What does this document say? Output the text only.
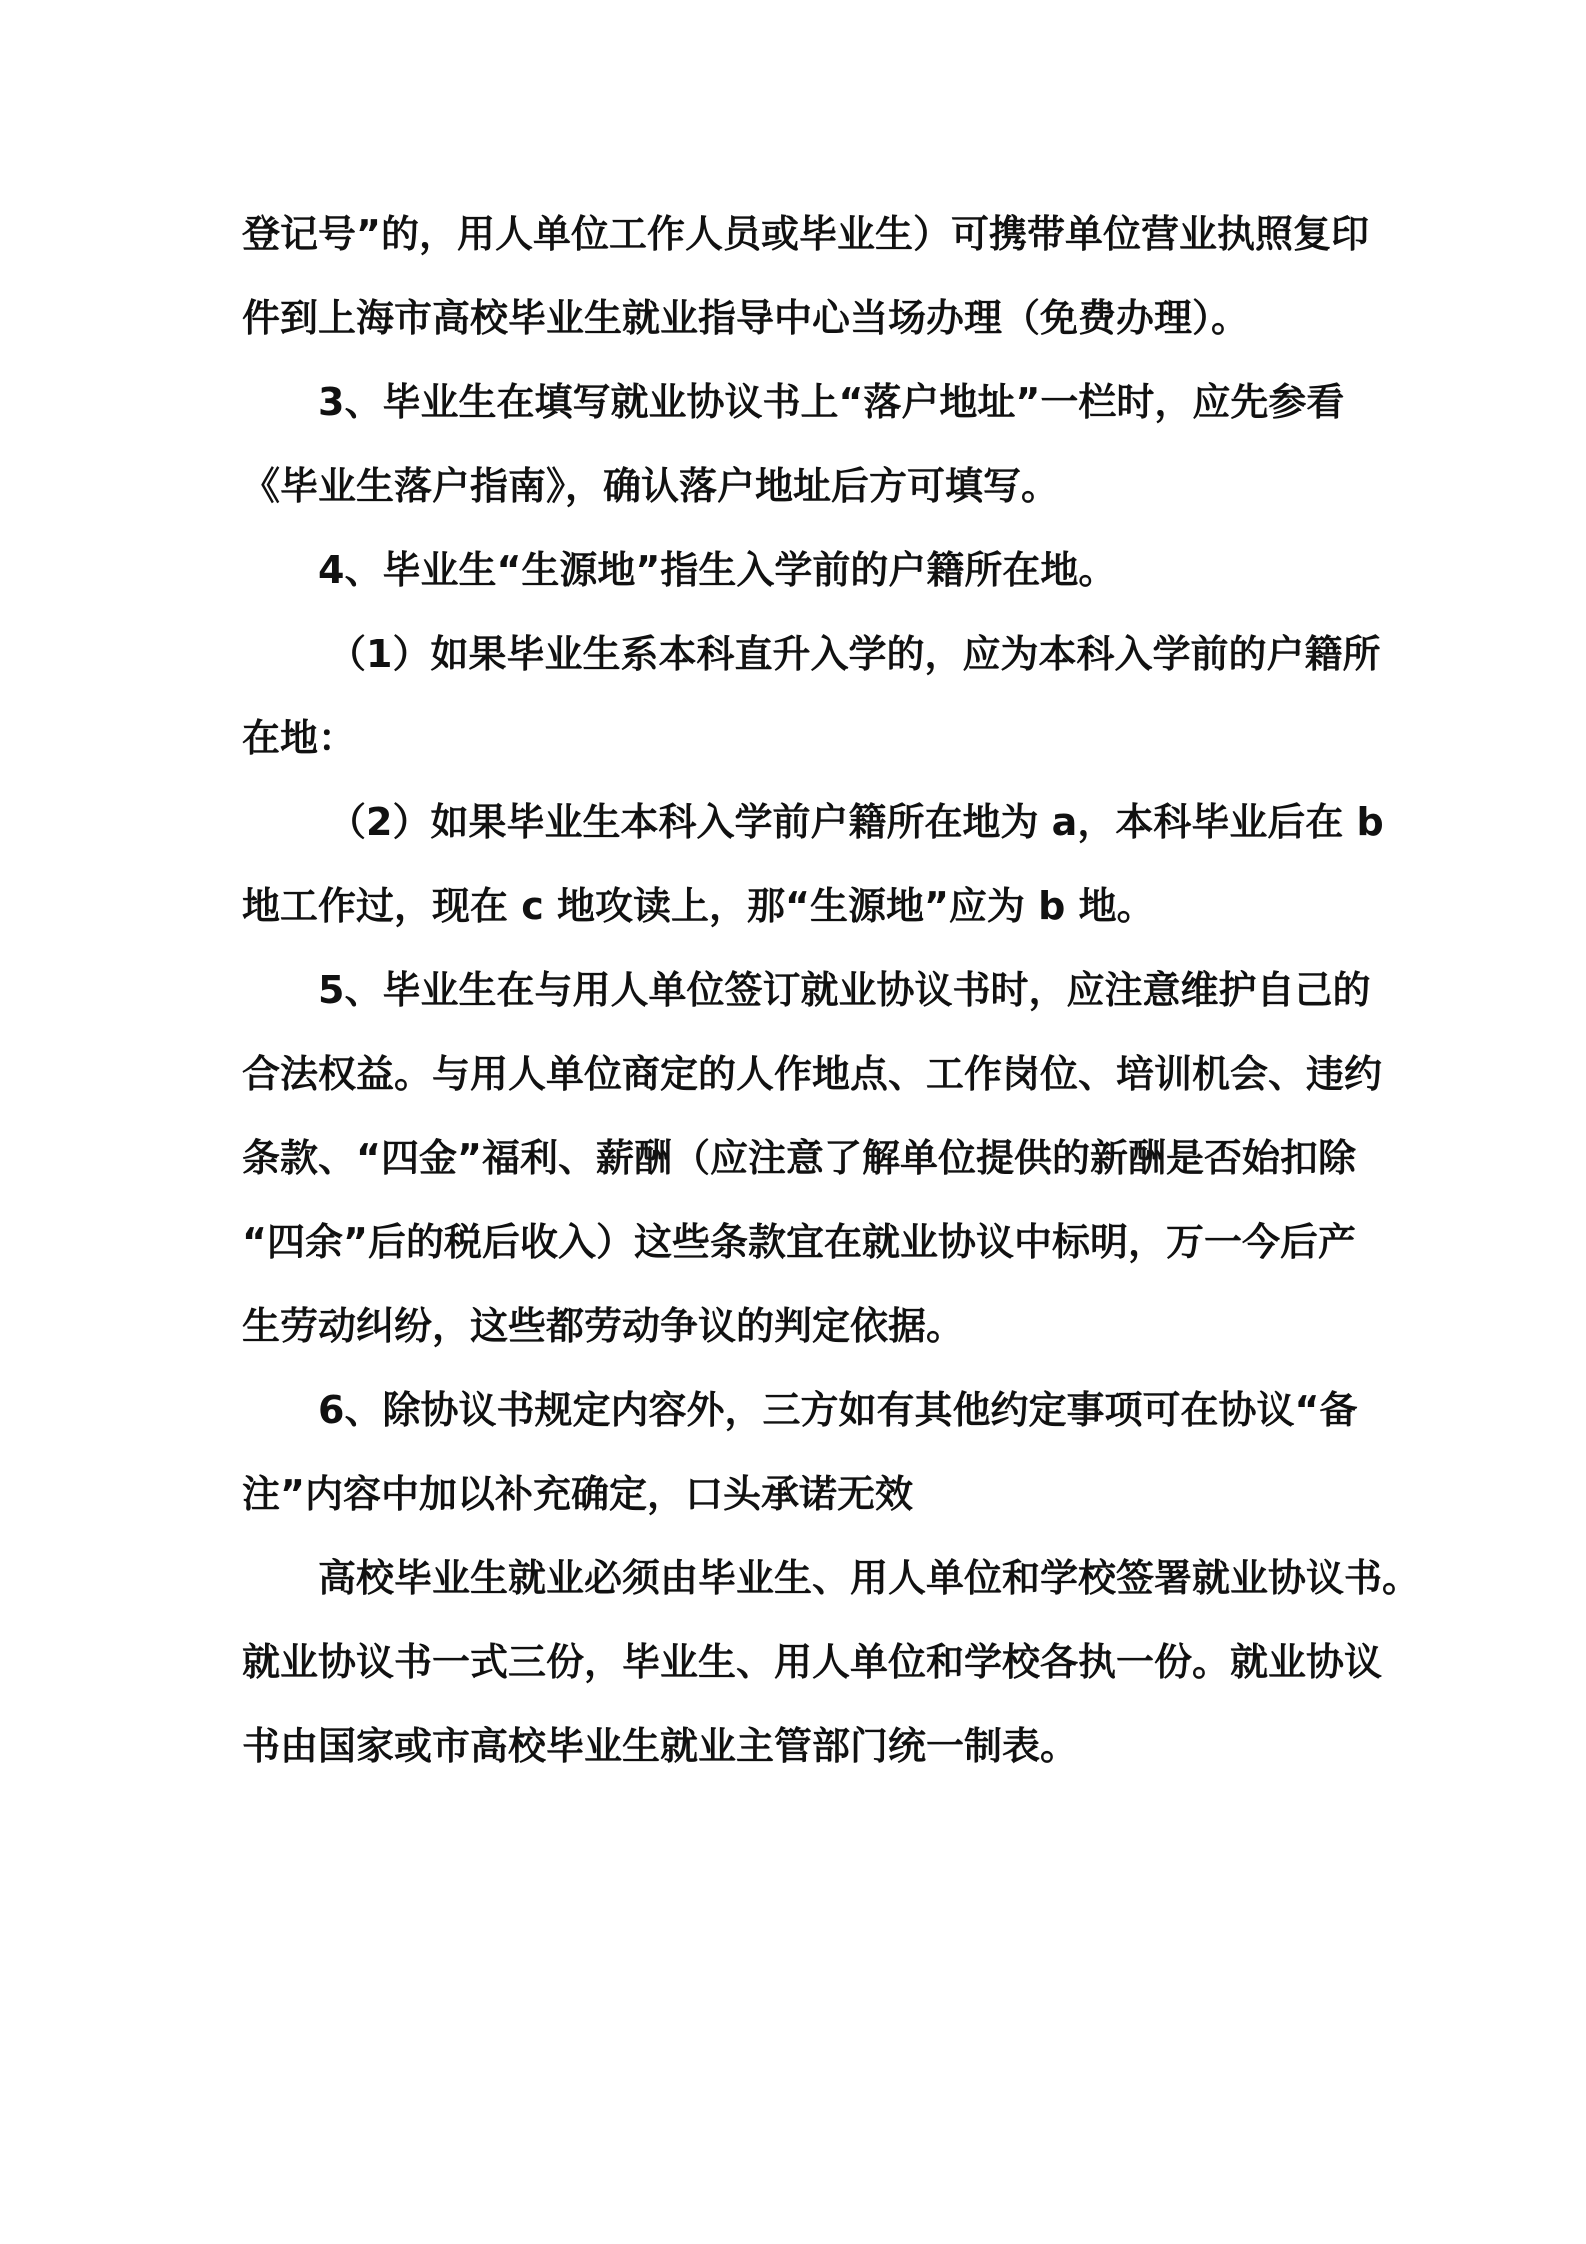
登记号”的，用人单位工作人员或毕业生）可携带单位营业执照复印
件到上海市高校毕业生就业指导中心当场办理（免费办理）。
3、毕业生在填写就业协议书上“落户地址”一栏时，应先参看
《毕业生落户指南》，确认落户地址后方可填写。
4、毕业生“生源地”指生入学前的户籍所在地。
（1）如果毕业生系本科直升入学的，应为本科入学前的户籍所
在地：
（2）如果毕业生本科入学前户籍所在地为 a，本科毕业后在 b
地工作过，现在 c 地攻读上，那“生源地”应为 b 地。
5、毕业生在与用人单位签订就业协议书时，应注意维护自己的
合法权益。与用人单位商定的人作地点、工作岗位、培训机会、违约
条款、“四金”福利、薪酬（应注意了解单位提供的新酬是否始扣除
“四余”后的税后收入）这些条款宜在就业协议中标明，万一今后产
生劳动纠纷，这些都劳动争议的判定依据。
6、除协议书规定内容外，三方如有其他约定事项可在协议“备
注”内容中加以补充确定，口头承诺无效
高校毕业生就业必须由毕业生、用人单位和学校签署就业协议书。
就业协议书一式三份，毕业生、用人单位和学校各执一份。就业协议
书由国家或市高校毕业生就业主管部门统一制表。
